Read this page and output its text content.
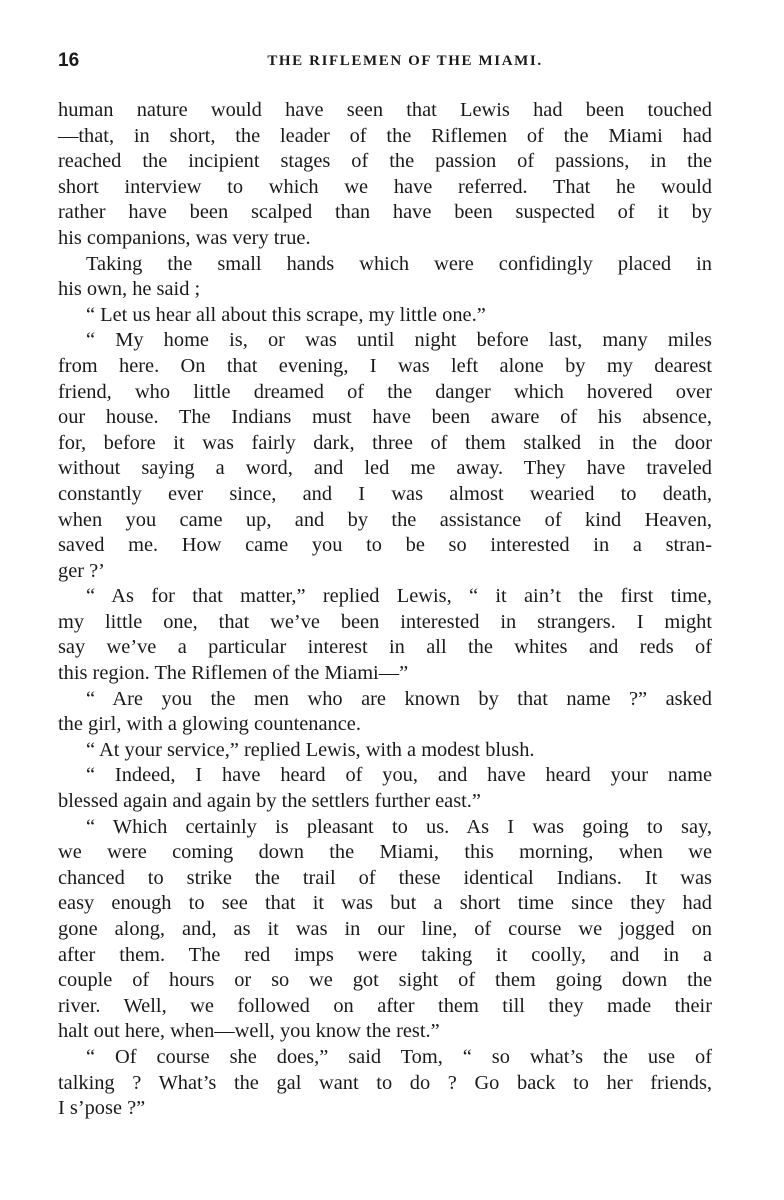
16	THE RIFLEMEN OF THE MIAMI.
human nature would have seen that Lewis had been touched
—that, in short, the leader of the Riflemen of the Miami had
reached the incipient stages of the passion of passions, in the
short interview to which we have referred. That he would
rather have been scalped than have been suspected of it by
his companions, was very true.
Taking the small hands which were confidingly placed in
his own, he said ;
“ Let us hear all about this scrape, my little one.”
“ My home is, or was until night before last, many miles
from here. On that evening, I was left alone by my dearest
friend, who little dreamed of the danger which hovered over
our house. The Indians must have been aware of his absence,
for, before it was fairly dark, three of them stalked in the door
without saying a word, and led me away. They have traveled
constantly ever since, and I was almost wearied to death,
when you came up, and by the assistance of kind Heaven,
saved me. How came you to be so interested in a stran-
ger ?’
“ As for that matter,” replied Lewis, “ it ain’t the first time,
my little one, that we’ve been interested in strangers. I might
say we’ve a particular interest in all the whites and reds of
this region. The Riflemen of the Miami—”
“ Are you the men who are known by that name ?” asked
the girl, with a glowing countenance.
“ At your service,” replied Lewis, with a modest blush.
“ Indeed, I have heard of you, and have heard your name
blessed again and again by the settlers further east.”
“ Which certainly is pleasant to us. As I was going to say,
we were coming down the Miami, this morning, when we
chanced to strike the trail of these identical Indians. It was
easy enough to see that it was but a short time since they had
gone along, and, as it was in our line, of course we jogged on
after them. The red imps were taking it coolly, and in a
couple of hours or so we got sight of them going down the
river. Well, we followed on after them till they made their
halt out here, when—well, you know the rest.”
“ Of course she does,” said Tom, “ so what’s the use of
talking ? What’s the gal want to do ? Go back to her friends,
I s’pose ?”
